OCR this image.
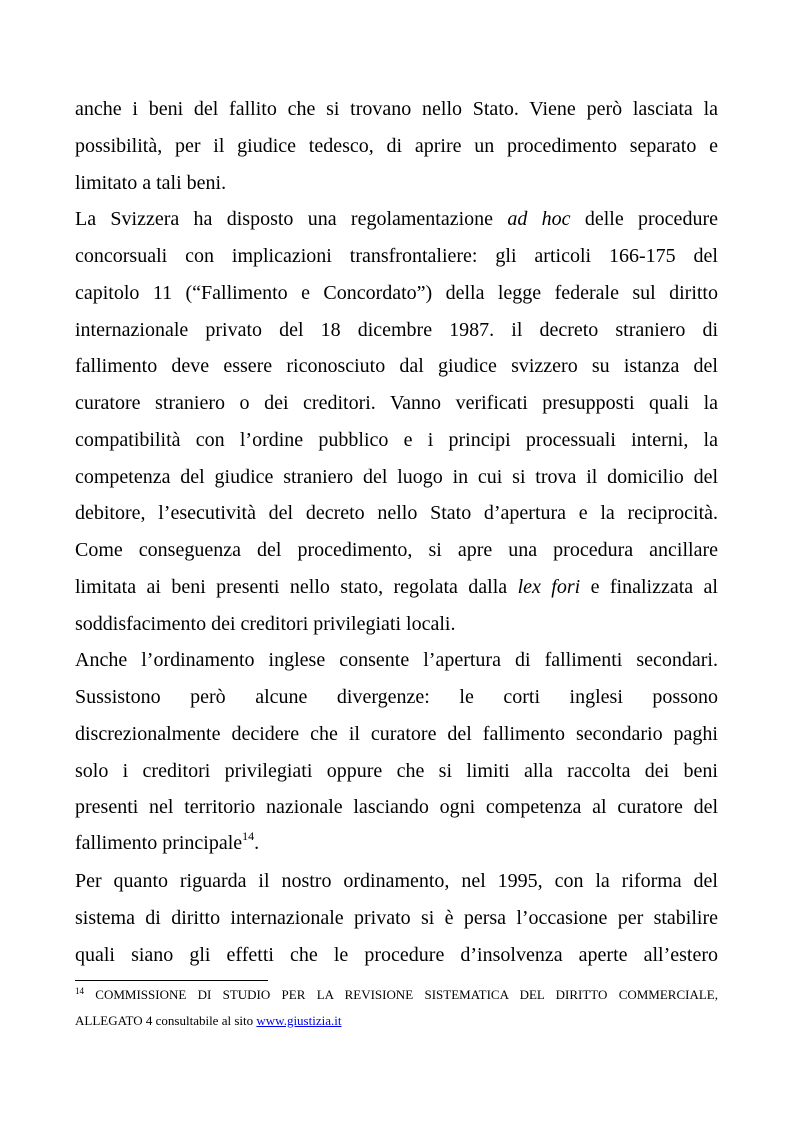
anche i beni del fallito che si trovano nello Stato. Viene però lasciata la
possibilità, per il giudice tedesco, di aprire un procedimento separato e
limitato a tali beni.
La Svizzera ha disposto una regolamentazione ad hoc delle procedure
concorsuali con implicazioni transfrontaliere: gli articoli 166-175 del
capitolo 11 (“Fallimento e Concordato”) della legge federale sul diritto
internazionale privato del 18 dicembre 1987. il decreto straniero di
fallimento deve essere riconosciuto dal giudice svizzero su istanza del
curatore straniero o dei creditori. Vanno verificati presupposti quali la
compatibilità con l’ordine pubblico e i principi processuali interni, la
competenza del giudice straniero del luogo in cui si trova il domicilio del
debitore, l’esecutività del decreto nello Stato d’apertura e la reciprocità.
Come conseguenza del procedimento, si apre una procedura ancillare
limitata ai beni presenti nello stato, regolata dalla lex fori e finalizzata al
soddisfacimento dei creditori privilegiati locali.
Anche l’ordinamento inglese consente l’apertura di fallimenti secondari.
Sussistono però alcune divergenze: le corti inglesi possono
discrezionalmente decidere che il curatore del fallimento secondario paghi
solo i creditori privilegiati oppure che si limiti alla raccolta dei beni
presenti nel territorio nazionale lasciando ogni competenza al curatore del
fallimento principale$^{14}$.
Per quanto riguarda il nostro ordinamento, nel 1995, con la riforma del
sistema di diritto internazionale privato si è persa l’occasione per stabilire
quali siano gli effetti che le procedure d’insolvenza aperte all’estero
$^{14}$ COMMISSIONE DI STUDIO PER LA REVISIONE SISTEMATICA DEL DIRITTO COMMERCIALE,
ALLEGATO 4 consultabile al sito www.giustizia.it
